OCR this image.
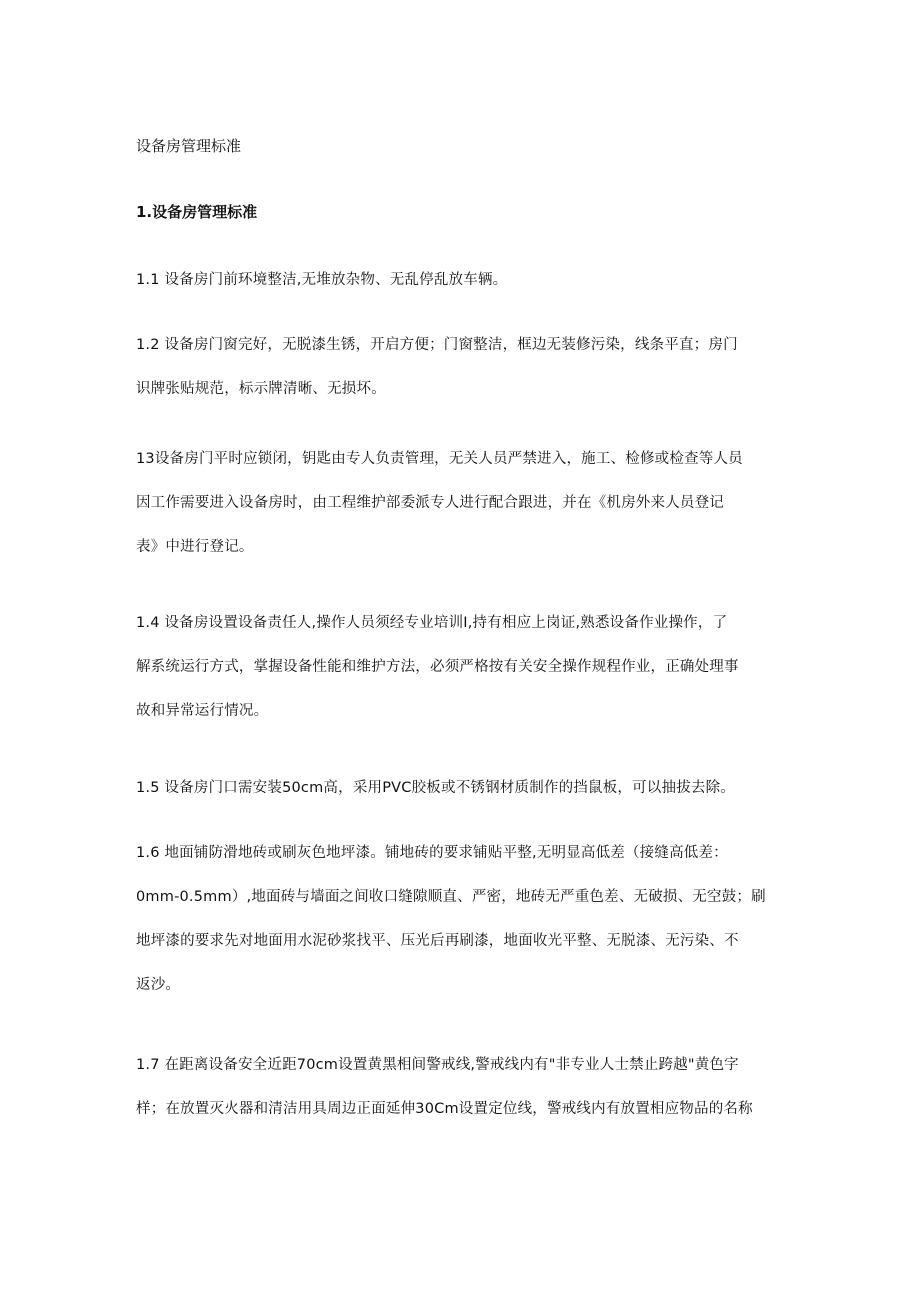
设备房管理标准
1.设备房管理标准
1.1 设备房门前环境整洁,无堆放杂物、无乱停乱放车辆。
1.2 设备房门窗完好，无脱漆生锈，开启方便；门窗整洁，框边无装修污染，线条平直；房门
识牌张贴规范，标示牌清晰、无损坏。
13设备房门平时应锁闭，钥匙由专人负责管理，无关人员严禁进入，施工、检修或检查等人员
因工作需要进入设备房时，由工程维护部委派专人进行配合跟进，并在《机房外来人员登记
表》中进行登记。
1.4 设备房设置设备责任人,操作人员须经专业培训I,持有相应上岗证,熟悉设备作业操作，了
解系统运行方式，掌握设备性能和维护方法，必须严格按有关安全操作规程作业，正确处理事
故和异常运行情况。
1.5 设备房门口需安装50cm高，采用PVC胶板或不锈钢材质制作的挡鼠板，可以抽拔去除。
1.6 地面铺防滑地砖或刷灰色地坪漆。铺地砖的要求铺贴平整,无明显高低差（接缝高低差：
0mm-0.5mm）,地面砖与墙面之间收口缝隙顺直、严密，地砖无严重色差、无破损、无空鼓；刷
地坪漆的要求先对地面用水泥砂浆找平、压光后再刷漆，地面收光平整、无脱漆、无污染、不
返沙。
1.7 在距离设备安全近距70cm设置黄黑相间警戒线,警戒线内有"非专业人士禁止跨越"黄色字
样；在放置灭火器和清洁用具周边正面延伸30Cm设置定位线，警戒线内有放置相应物品的名称
